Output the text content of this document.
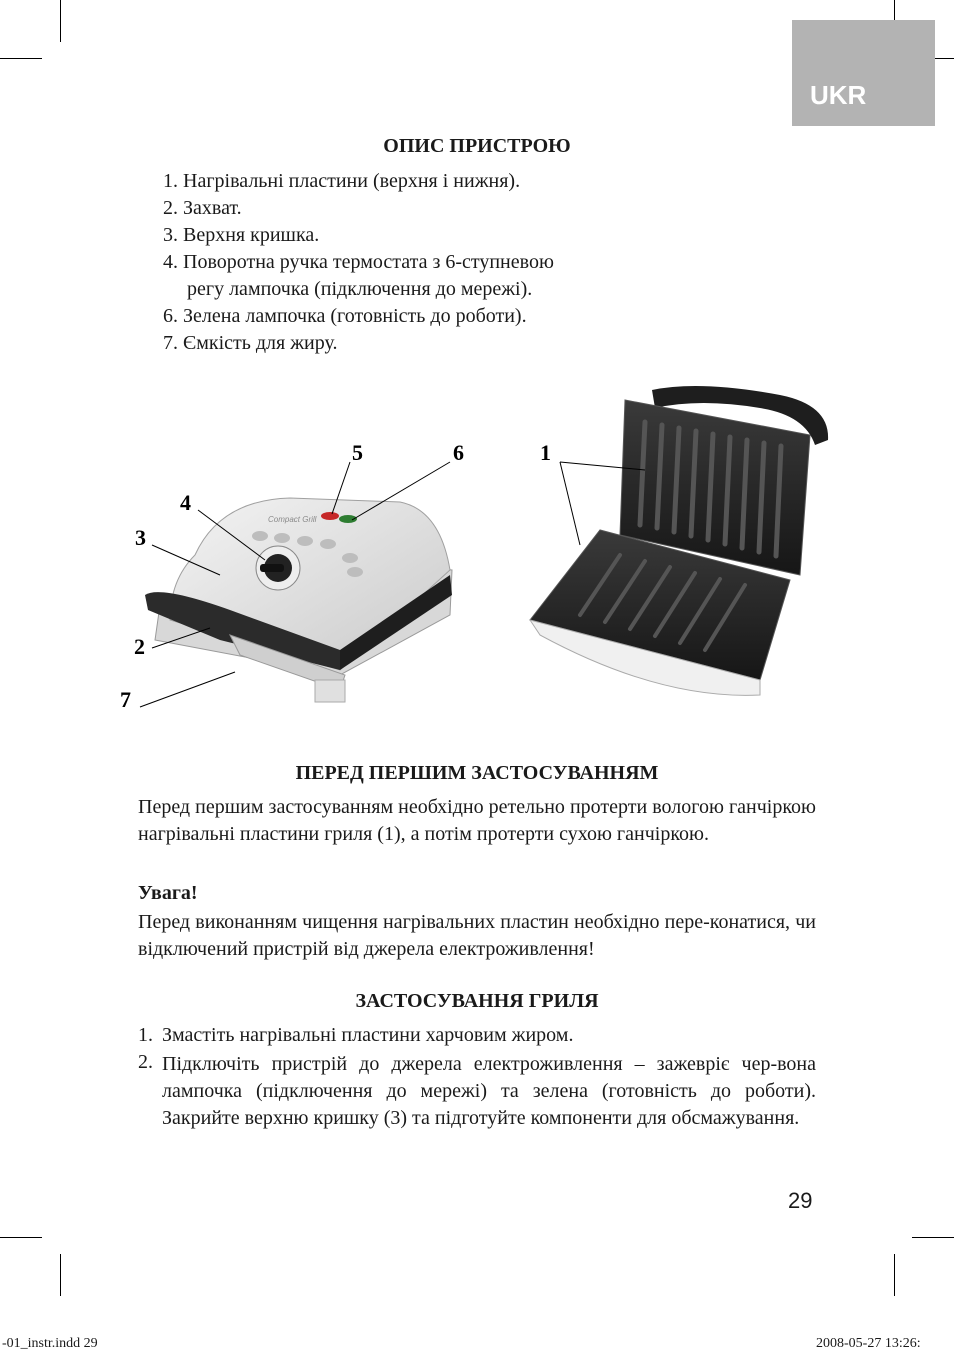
UKR
ОПИС ПРИСТРОЮ
1. Нагрівальні пластини (верхня і нижня).
2. Захват.
3. Верхня кришка.
4. Поворотна ручка термостата з 6-ступневою
регу лампочка (підключення до мережі).
6. Зелена лампочка (готовність до роботи).
7. Ємкість для жиру.
Compact Grill
5	6	1
4
3
2
7
ПЕРЕД ПЕРШИМ ЗАСТОСУВАННЯМ
Перед першим застосуванням необхідно ретельно протерти вологою ганчіркою нагрівальні пластини гриля (1), а потім протерти сухою ганчіркою.
Увага!
Перед виконанням чищення нагрівальних пластин необхідно пере-конатися, чи відключений пристрій від джерела електроживлення!
ЗАСТОСУВАННЯ ГРИЛЯ
1. Змастіть нагрівальні пластини харчовим жиром.
2. Підключіть пристрій до джерела електроживлення – зажевріє чер-вона лампочка (підключення до мережі) та зелена (готовність до роботи). Закрийте верхню кришку (3) та підготуйте компоненти для обсмажування.
29
-01_instr.indd 29	2008-05-27 13:26:
